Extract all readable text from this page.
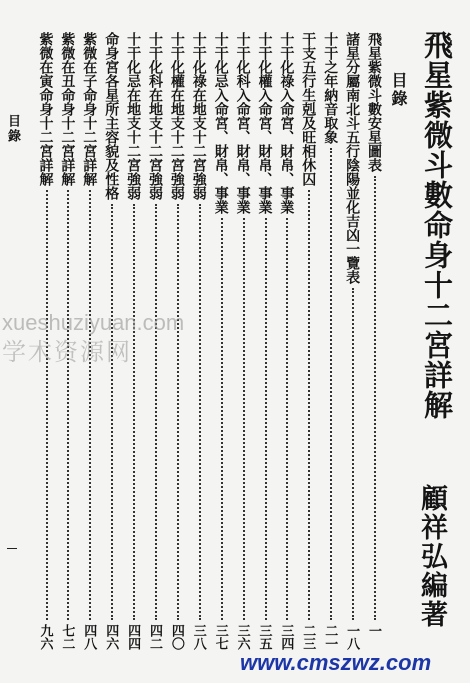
飛星紫微斗數命身十二宮詳解
顧祥弘編著
目錄
目錄	飛星紫微斗數安星圖表
一
諸星分屬南北斗五行陰陽並化吉凶一覽表
一八
十干之年納音取象
二一
干支五行生剋及旺相休囚
二三
十干化祿入命宮、財帛、事業
三四
十干化權入命宮、財帛、事業
三五
十干化科入命宮、財帛、事業
三六
十干化忌入命宮、財帛、事業
三七
十干化祿在地支十二宮強弱
三八
十干化權在地支十二宮強弱
四〇
十干化科在地支十二宮強弱
四二
十干化忌在地支十二宮強弱
四四
命身宮各星所主容貌及性格
四六
紫微在子命身十二宮詳解
四八
紫微在丑命身十二宮詳解
七二
紫微在寅命身十二宮詳解
九六
xueshuziyuan.com
学术资源网
www.cmszwz.com
